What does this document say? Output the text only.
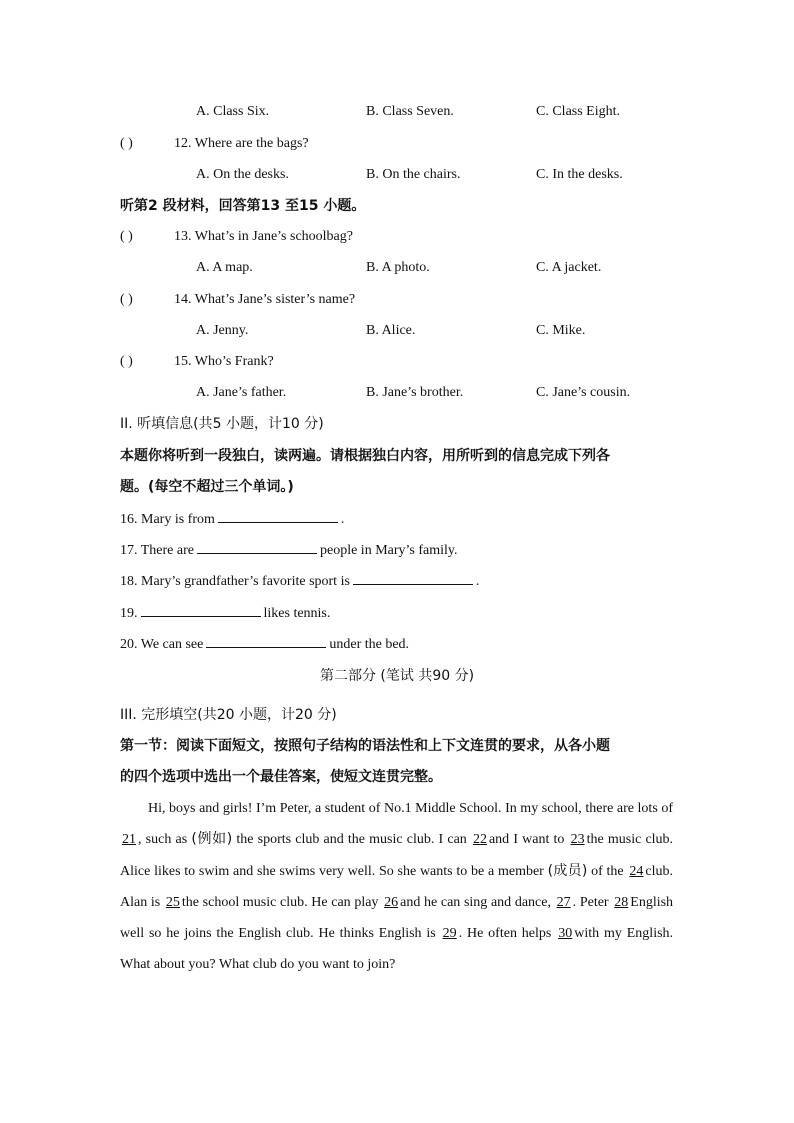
A. Class Six.	B. Class Seven.	C. Class Eight.
( )	12. Where are the bags?
A. On the desks.	B. On the chairs.	C. In the desks.
听第2 段材料，回答第13 至15 小题。
( )	13. What’s in Jane’s schoolbag?
A. A map.	B. A photo.	C. A jacket.
( )	14. What’s Jane’s sister’s name?
A. Jenny.	B. Alice.	C. Mike.
( )	15. Who’s Frank?
A. Jane’s father.	B. Jane’s brother.	C. Jane’s cousin.
II. 听填信息(共5 小题，计10 分)
本题你将听到一段独白，读两遍。请根据独白内容，用所听到的信息完成下列各
题。(每空不超过三个单词。)
16. Mary is from	.
17. There are	people in Mary’s family.
18. Mary’s grandfather’s favorite sport is	.
19.	likes tennis.
20. We can see	under the bed.
第二部分 (笔试 共90 分)
III. 完形填空(共20 小题，计20 分)
第一节：阅读下面短文，按照句子结构的语法性和上下文连贯的要求，从各小题
的四个选项中选出一个最佳答案，使短文连贯完整。
Hi, boys and girls! I’m Peter, a student of No.1 Middle School. In my school, there are lots of 21 , such as (例如) the sports club and the music club. I can 22 and I want to 23 the music club. Alice likes to swim and she swims very well. So she wants to be a member (成员) of the 24 club. Alan is 25 the school music club. He can play 26 and he can sing and dance, 27 . Peter 28 English well so he joins the English club. He thinks English is 29 . He often helps 30 with my English. What about you? What club do you want to join?
